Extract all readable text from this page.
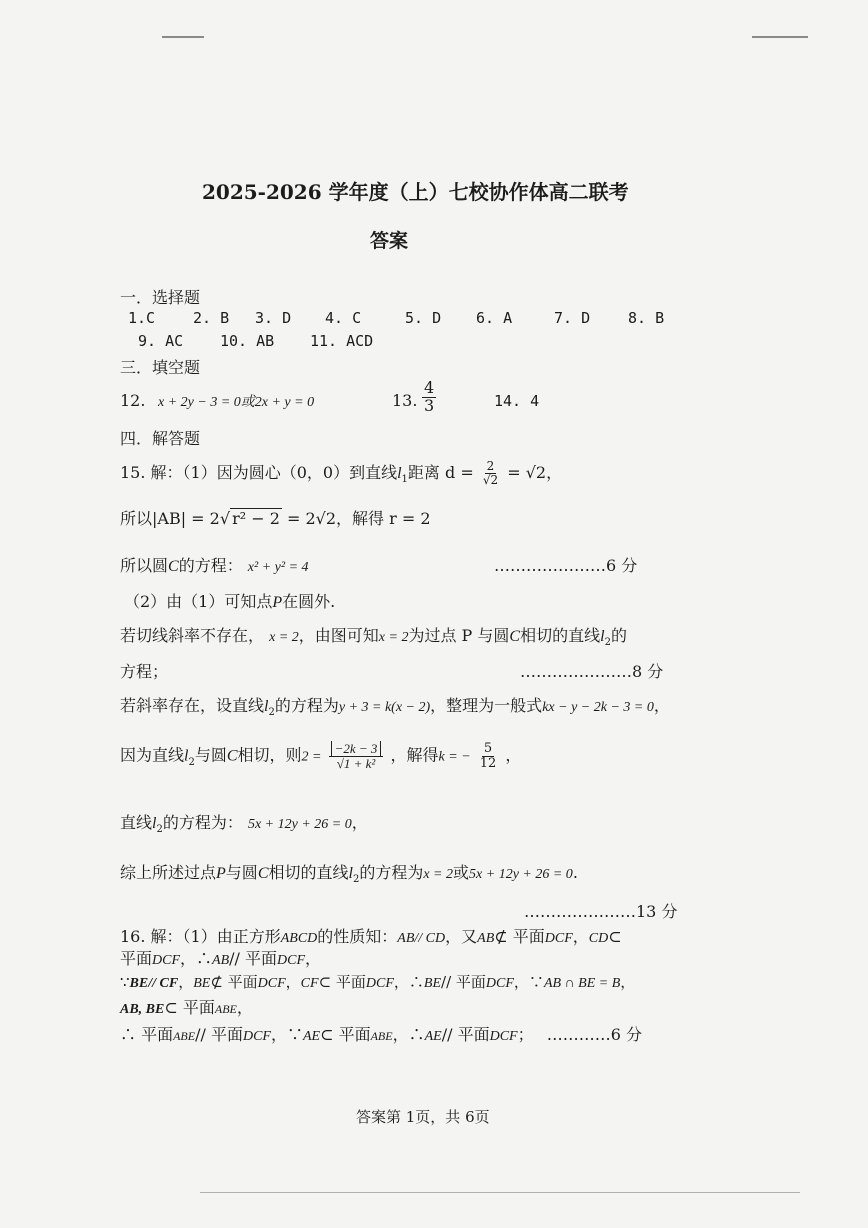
2025-2026 学年度（上）七校协作体高二联考
答案
一．选择题
1.C	2. B 3. D 4. C	5. D 6. A	7. D	8. B
9. AC 10. AB 11. ACD
三．填空题
12. x + 2y − 3 = 0或2x + y = 0	13. $\frac{4}{3}$	14. 4
四．解答题
15. 解：（1）因为圆心（0，0）到直线$l_1$距离 $d = \frac{2}{√2} = √2$，
所以|AB| = 2√ r² − 2 = 2√2，解得 r = 2
所以圆C的方程： x² + y² = 4	…………………6 分
（2）由（1）可知点P在圆外.
若切线斜率不存在， x = 2，由图可知x = 2为过点 P 与圆C相切的直线$l_2$的
方程；	…………………8 分
若斜率存在，设直线$l_2$的方程为y + 3 = k(x − 2)，整理为一般式kx − y − 2k − 3 = 0，
因为直线$l_2$与圆C相切，则$2 = \frac{-2k - 3}{\text{√1 + k²}}$ ，解得k = − $\frac{5}{12}$ ，
直线$l_2$的方程为： 5x + 12y + 26 = 0，
综上所述过点P与圆C相切的直线$l_2$的方程为x = 2或5x + 12y + 26 = 0.
…………………13 分
16. 解：（1）由正方形ABCD的性质知：AB// CD，又AB⊄ 平面DCF，CD⊂
平面DCF，∴AB// 平面DCF，
∵BE// CF，BE⊄ 平面DCF，CF⊂ 平面DCF，∴BE// 平面DCF，∵AB ∩ BE = B，
AB, BE⊂ 平面ABE，
∴ 平面ABE// 平面DCF，∵AE⊂ 平面ABE，∴AE// 平面DCF； …………6 分
答案第 1页，共 6页
